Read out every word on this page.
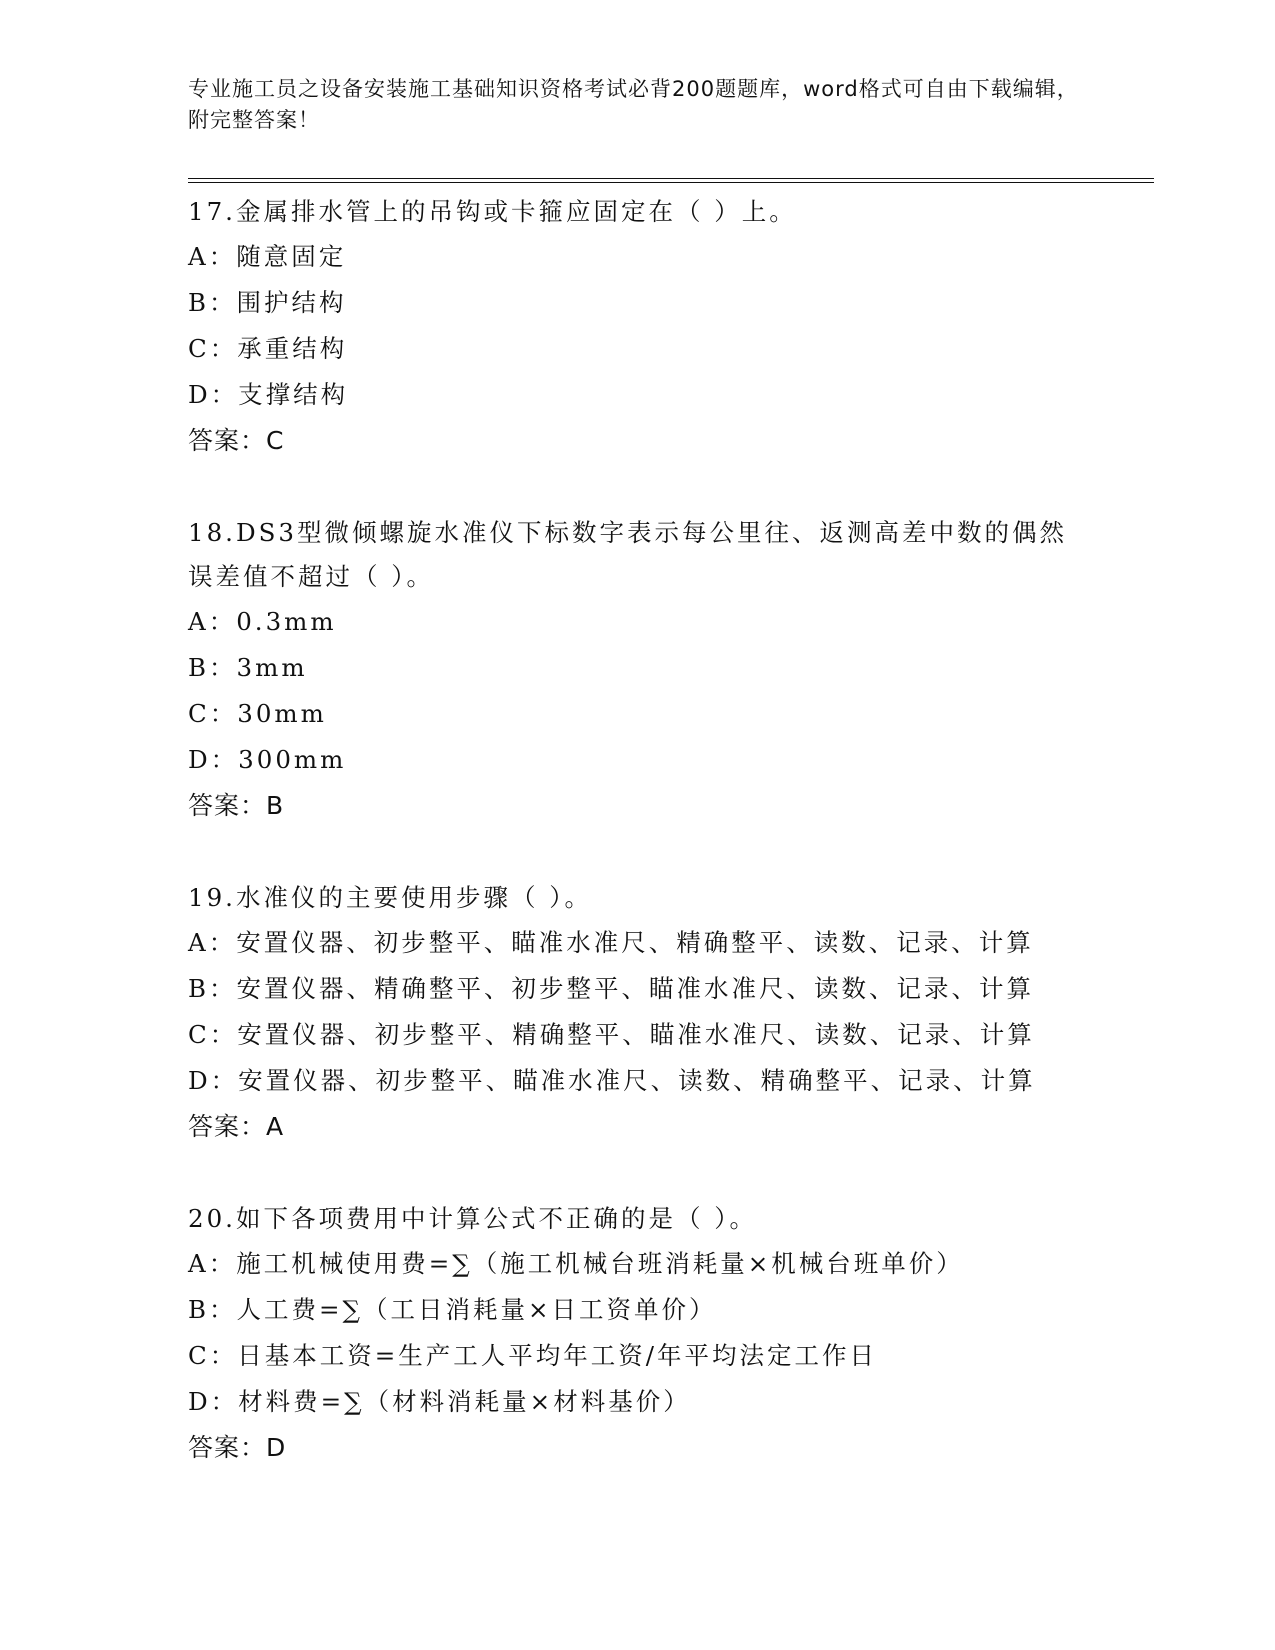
专业施工员之设备安装施工基础知识资格考试必背200题题库，word格式可自由下载编辑，附完整答案！
17.金属排水管上的吊钩或卡箍应固定在（ ）上。
A：随意固定
B：围护结构
C：承重结构
D：支撑结构
答案：C
18.DS3型微倾螺旋水准仪下标数字表示每公里往、返测高差中数的偶然误差值不超过（ ）。
A：0.3mm
B：3mm
C：30mm
D：300mm
答案：B
19.水准仪的主要使用步骤（ ）。
A：安置仪器、初步整平、瞄准水准尺、精确整平、读数、记录、计算
B：安置仪器、精确整平、初步整平、瞄准水准尺、读数、记录、计算
C：安置仪器、初步整平、精确整平、瞄准水准尺、读数、记录、计算
D：安置仪器、初步整平、瞄准水准尺、读数、精确整平、记录、计算
答案：A
20.如下各项费用中计算公式不正确的是（ ）。
A：施工机械使用费=∑（施工机械台班消耗量×机械台班单价）
B：人工费=∑（工日消耗量×日工资单价）
C：日基本工资=生产工人平均年工资/年平均法定工作日
D：材料费=∑（材料消耗量×材料基价）
答案：D
